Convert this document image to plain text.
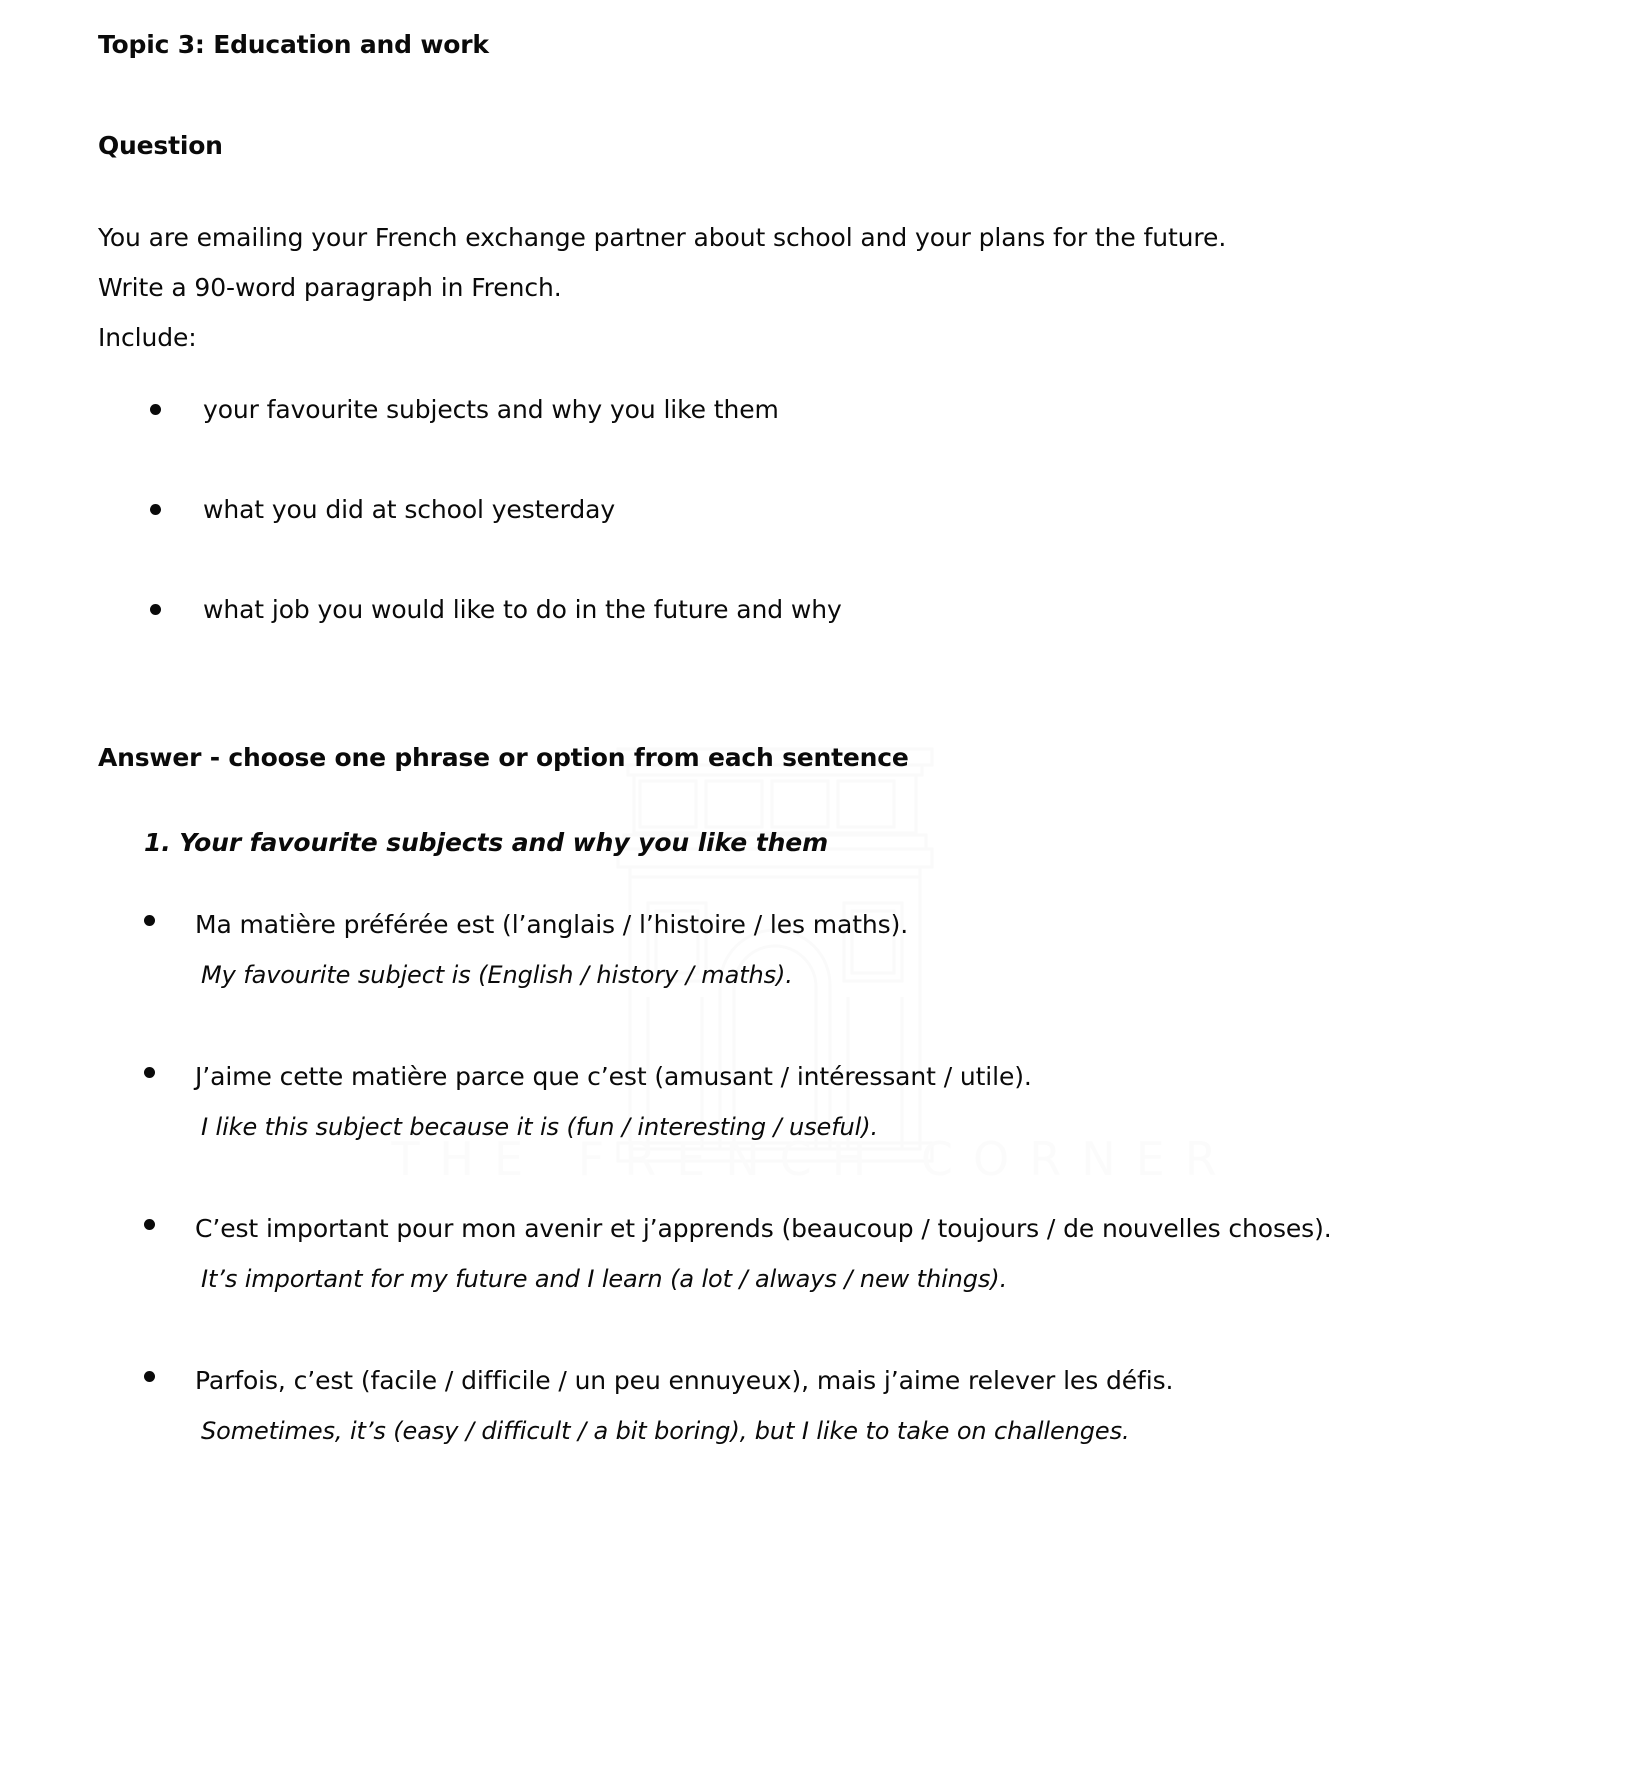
THE FRENCH CORNER
Topic 3: Education and work
Question
You are emailing your French exchange partner about school and your plans for the future.
Write a 90-word paragraph in French.
Include:
your favourite subjects and why you like them
what you did at school yesterday
what job you would like to do in the future and why
Answer - choose one phrase or option from each sentence
1. Your favourite subjects and why you like them
Ma matière préférée est (l’anglais / l’histoire / les maths).
My favourite subject is (English / history / maths).
J’aime cette matière parce que c’est (amusant / intéressant / utile).
I like this subject because it is (fun / interesting / useful).
C’est important pour mon avenir et j’apprends (beaucoup / toujours / de nouvelles choses).
It’s important for my future and I learn (a lot / always / new things).
Parfois, c’est (facile / difficile / un peu ennuyeux), mais j’aime relever les défis.
Sometimes, it’s (easy / difficult / a bit boring), but I like to take on challenges.
